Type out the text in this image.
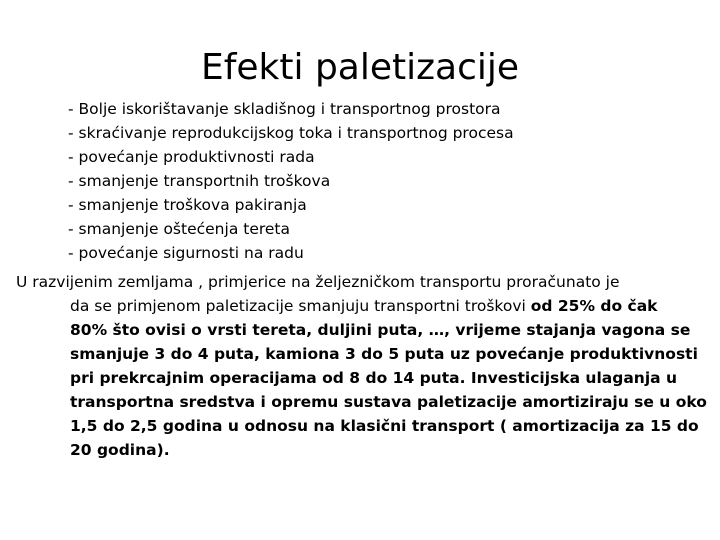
Efekti paletizacije
- Bolje iskorištavanje skladišnog i transportnog prostora
- skraćivanje reprodukcijskog toka i transportnog procesa
- povećanje produktivnosti rada
- smanjenje transportnih troškova
- smanjenje troškova pakiranja
- smanjenje oštećenja tereta
- povećanje sigurnosti na radu

U razvijenim zemljama , primjerice na željezničkom transportu proračunato je
da se primjenom paletizacije smanjuju transportni troškovi od 25% do čak
80% što ovisi o vrsti tereta, duljini puta, …, vrijeme stajanja vagona se
smanjuje 3 do 4 puta, kamiona 3 do 5 puta uz povećanje produktivnosti
pri prekrcajnim operacijama od 8 do 14 puta. Investicijska ulaganja u
transportna sredstva i opremu sustava paletizacije amortiziraju se u oko
1,5 do 2,5 godina u odnosu na klasični transport ( amortizacija za 15 do
20 godina).
